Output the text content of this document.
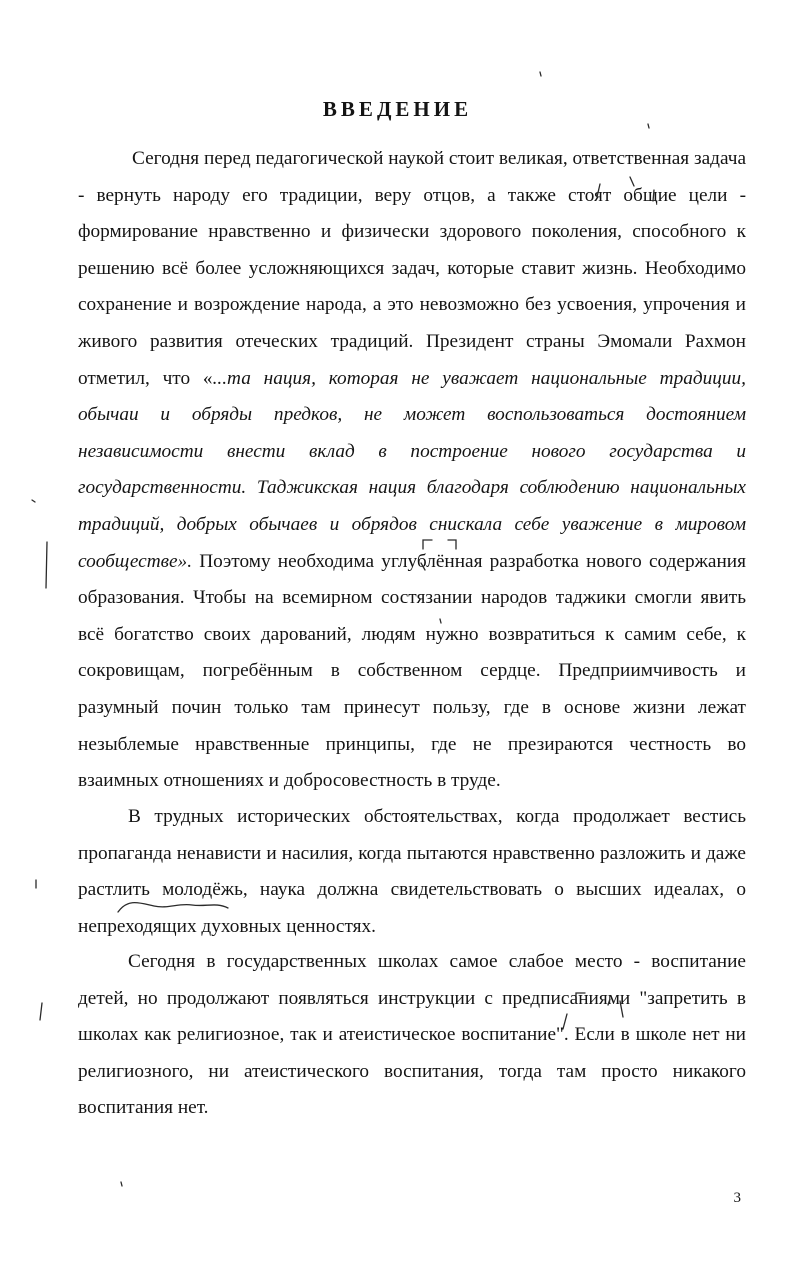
ВВЕДЕНИЕ

Сегодня перед педагогической наукой стоит великая, ответственная задача - вернуть народу его традиции, веру отцов, а также стоят общие цели - формирование нравственно и физически здорового поколения, способного к решению всё более усложняющихся задач, которые ставит жизнь. Необходимо сохранение и возрождение народа, а это невозможно без усвоения, упрочения и живого развития отеческих традиций. Президент страны Эмомали Рахмон отметил, что «...та нация, которая не уважает национальные традиции, обычаи и обряды предков, не может воспользоваться достоянием независимости внести вклад в построение нового государства и государственности. Таджикская нация благодаря соблюдению национальных традиций, добрых обычаев и обрядов снискала себе уважение в мировом сообществе». Поэтому необходима углублённая разработка нового содержания образования. Чтобы на всемирном состязании народов таджики смогли явить всё богатство своих дарований, людям нужно возвратиться к самим себе, к сокровищам, погребённым в собственном сердце. Предприимчивость и разумный почин только там принесут пользу, где в основе жизни лежат незыблемые нравственные принципы, где не презираются честность во взаимных отношениях и добросовестность в труде.

В трудных исторических обстоятельствах, когда продолжает вестись пропаганда ненависти и насилия, когда пытаются нравственно разложить и даже растлить молодёжь, наука должна свидетельствовать о высших идеалах, о непреходящих духовных ценностях.

Сегодня в государственных школах самое слабое место - воспитание детей, но продолжают появляться инструкции с предписаниями "запретить в школах как религиозное, так и атеистическое воспитание". Если в школе нет ни религиозного, ни атеистического воспитания, тогда там просто никакого воспитания нет.

3
